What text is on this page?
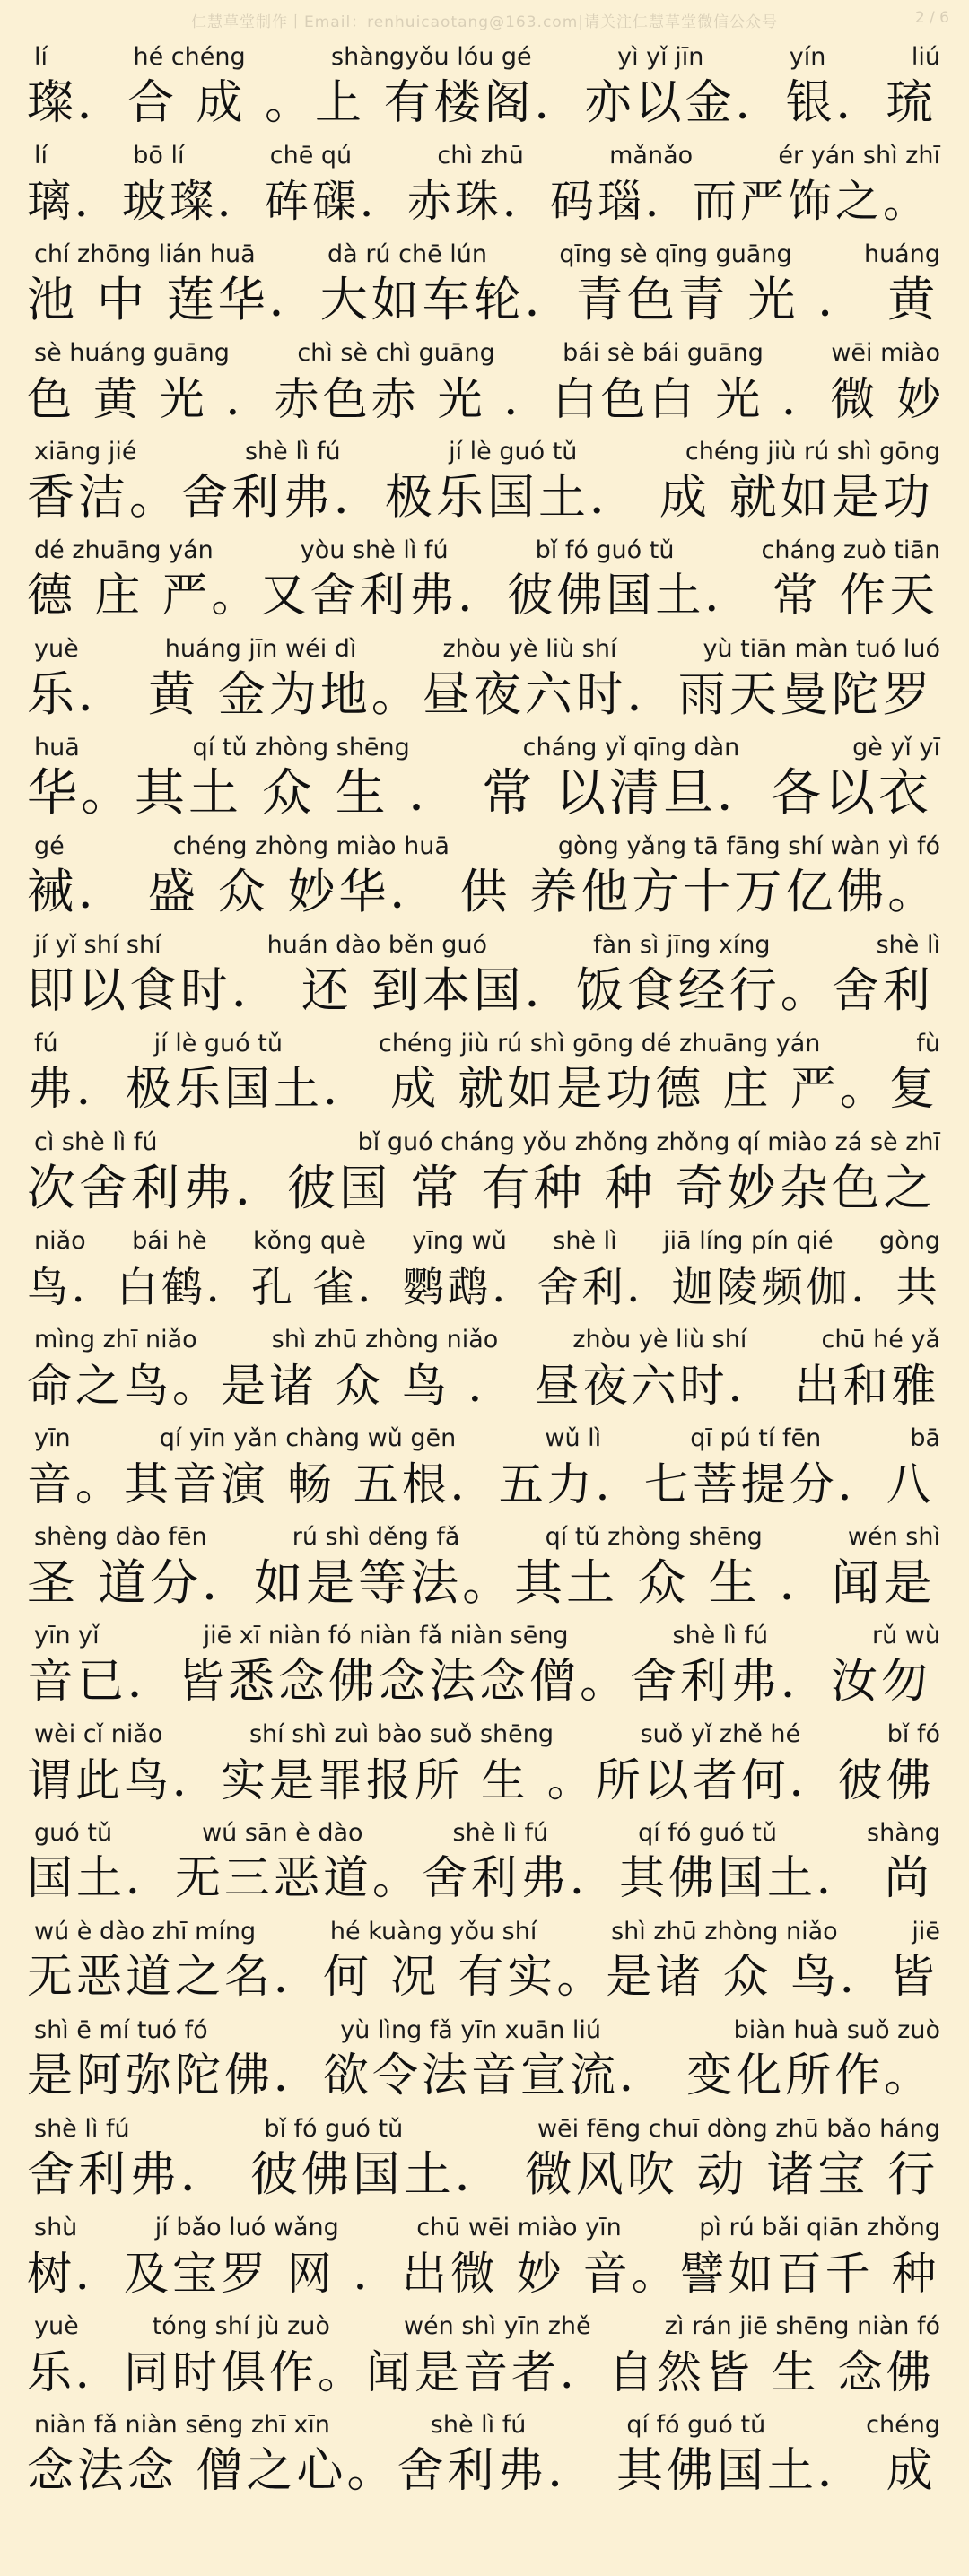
仁慧草堂制作丨Email：renhuicaotang@163.com|请关注仁慧草堂微信公众号	2 / 6
lí	hé chéng	shàngyǒu lóu gé	yì yǐ jīn	yín	liú
璨．合 成 。上 有楼阁．亦以金．银．琉
lí	bō lí	chē qú	chì zhū	mǎnǎo	ér yán shì zhī
璃．玻璨．砗磲．赤珠．码瑙．而严饰之。
chí zhōng lián huā	dà rú chē lún	qīng sè qīng guāng	huáng
池 中 莲华．大如车轮．青色青 光 ． 黄
sè huáng guāng	chì sè chì guāng	bái sè bái guāng	wēi miào
色 黄 光 ．赤色赤 光 ．白色白 光 ．微 妙
xiāng jié	shè lì fú	jí lè guó tǔ	chéng jiù rú shì gōng
香洁。舍利弗．极乐国土． 成 就如是功
dé zhuāng yán	yòu shè lì fú	bǐ fó guó tǔ	cháng zuò tiān
德 庄 严。又舍利弗．彼佛国土． 常 作天
yuè	huáng jīn wéi dì	zhòu yè liù shí	yù tiān màn tuó luó
乐． 黄 金为地。昼夜六时．雨天曼陀罗
huā	qí tǔ zhòng shēng	cháng yǐ qīng dàn	gè yǐ yī
华。其土 众 生 ． 常 以清旦．各以衣
gé	chéng zhòng miào huā	gòng yǎng tā fāng shí wàn yì fó
裓． 盛 众 妙华． 供 养他方十万亿佛。
jí yǐ shí shí	huán dào běn guó	fàn sì jīng xíng	shè lì
即以食时． 还 到本国．饭食经行。舍利
fú	jí lè guó tǔ	chéng jiù rú shì gōng dé zhuāng yán	fù
弗．极乐国土． 成 就如是功德 庄 严。复
cì shè lì fú	bǐ guó cháng yǒu zhǒng zhǒng qí miào zá sè zhī
次舍利弗．彼国 常 有种 种 奇妙杂色之
niǎo bái hè kǒng què yīng wǔ shè lì jiā líng pín qié gòng
鸟．白鹤．孔 雀．鹦鹉．舍利．迦陵频伽．共
mìng zhī niǎo	shì zhū zhòng niǎo	zhòu yè liù shí	chū hé yǎ
命之鸟。是诸 众 鸟 ． 昼夜六时． 出和雅
yīn	qí yīn yǎn chàng wǔ gēn	wǔ lì	qī pú tí fēn	bā
音。其音演 畅 五根．五力．七菩提分．八
shèng dào fēn	rú shì děng fǎ	qí tǔ zhòng shēng	wén shì
圣 道分．如是等法。其土 众 生 ．闻是
yīn yǐ	jiē xī niàn fó niàn fǎ niàn sēng	shè lì fú	rǔ wù
音已．皆悉念佛念法念僧。舍利弗．汝勿
wèi cǐ niǎo	shí shì zuì bào suǒ shēng	suǒ yǐ zhě hé	bǐ fó
谓此鸟．实是罪报所 生 。所以者何．彼佛
guó tǔ	wú sān è dào	shè lì fú	qí fó guó tǔ	shàng
国土．无三恶道。舍利弗．其佛国土． 尚
wú è dào zhī míng	hé kuàng yǒu shí	shì zhū zhòng niǎo	jiē
无恶道之名．何 况 有实。是诸 众 鸟．皆
shì ē mí tuó fó	yù lìng fǎ yīn xuān liú	biàn huà suǒ zuò
是阿弥陀佛．欲令法音宣流． 变化所作。
shè lì fú	bǐ fó guó tǔ	wēi fēng chuī dòng zhū bǎo háng
舍利弗． 彼佛国土． 微风吹 动 诸宝 行
shù	jí bǎo luó wǎng	chū wēi miào yīn	pì rú bǎi qiān zhǒng
树．及宝罗 网 ．出微 妙 音。譬如百千 种
yuè	tóng shí jù zuò	wén shì yīn zhě	zì rán jiē shēng niàn fó
乐．同时俱作。闻是音者．自然皆 生 念佛
niàn fǎ niàn sēng zhī xīn	shè lì fú	qí fó guó tǔ	chéng
念法念 僧之心。舍利弗． 其佛国土． 成
